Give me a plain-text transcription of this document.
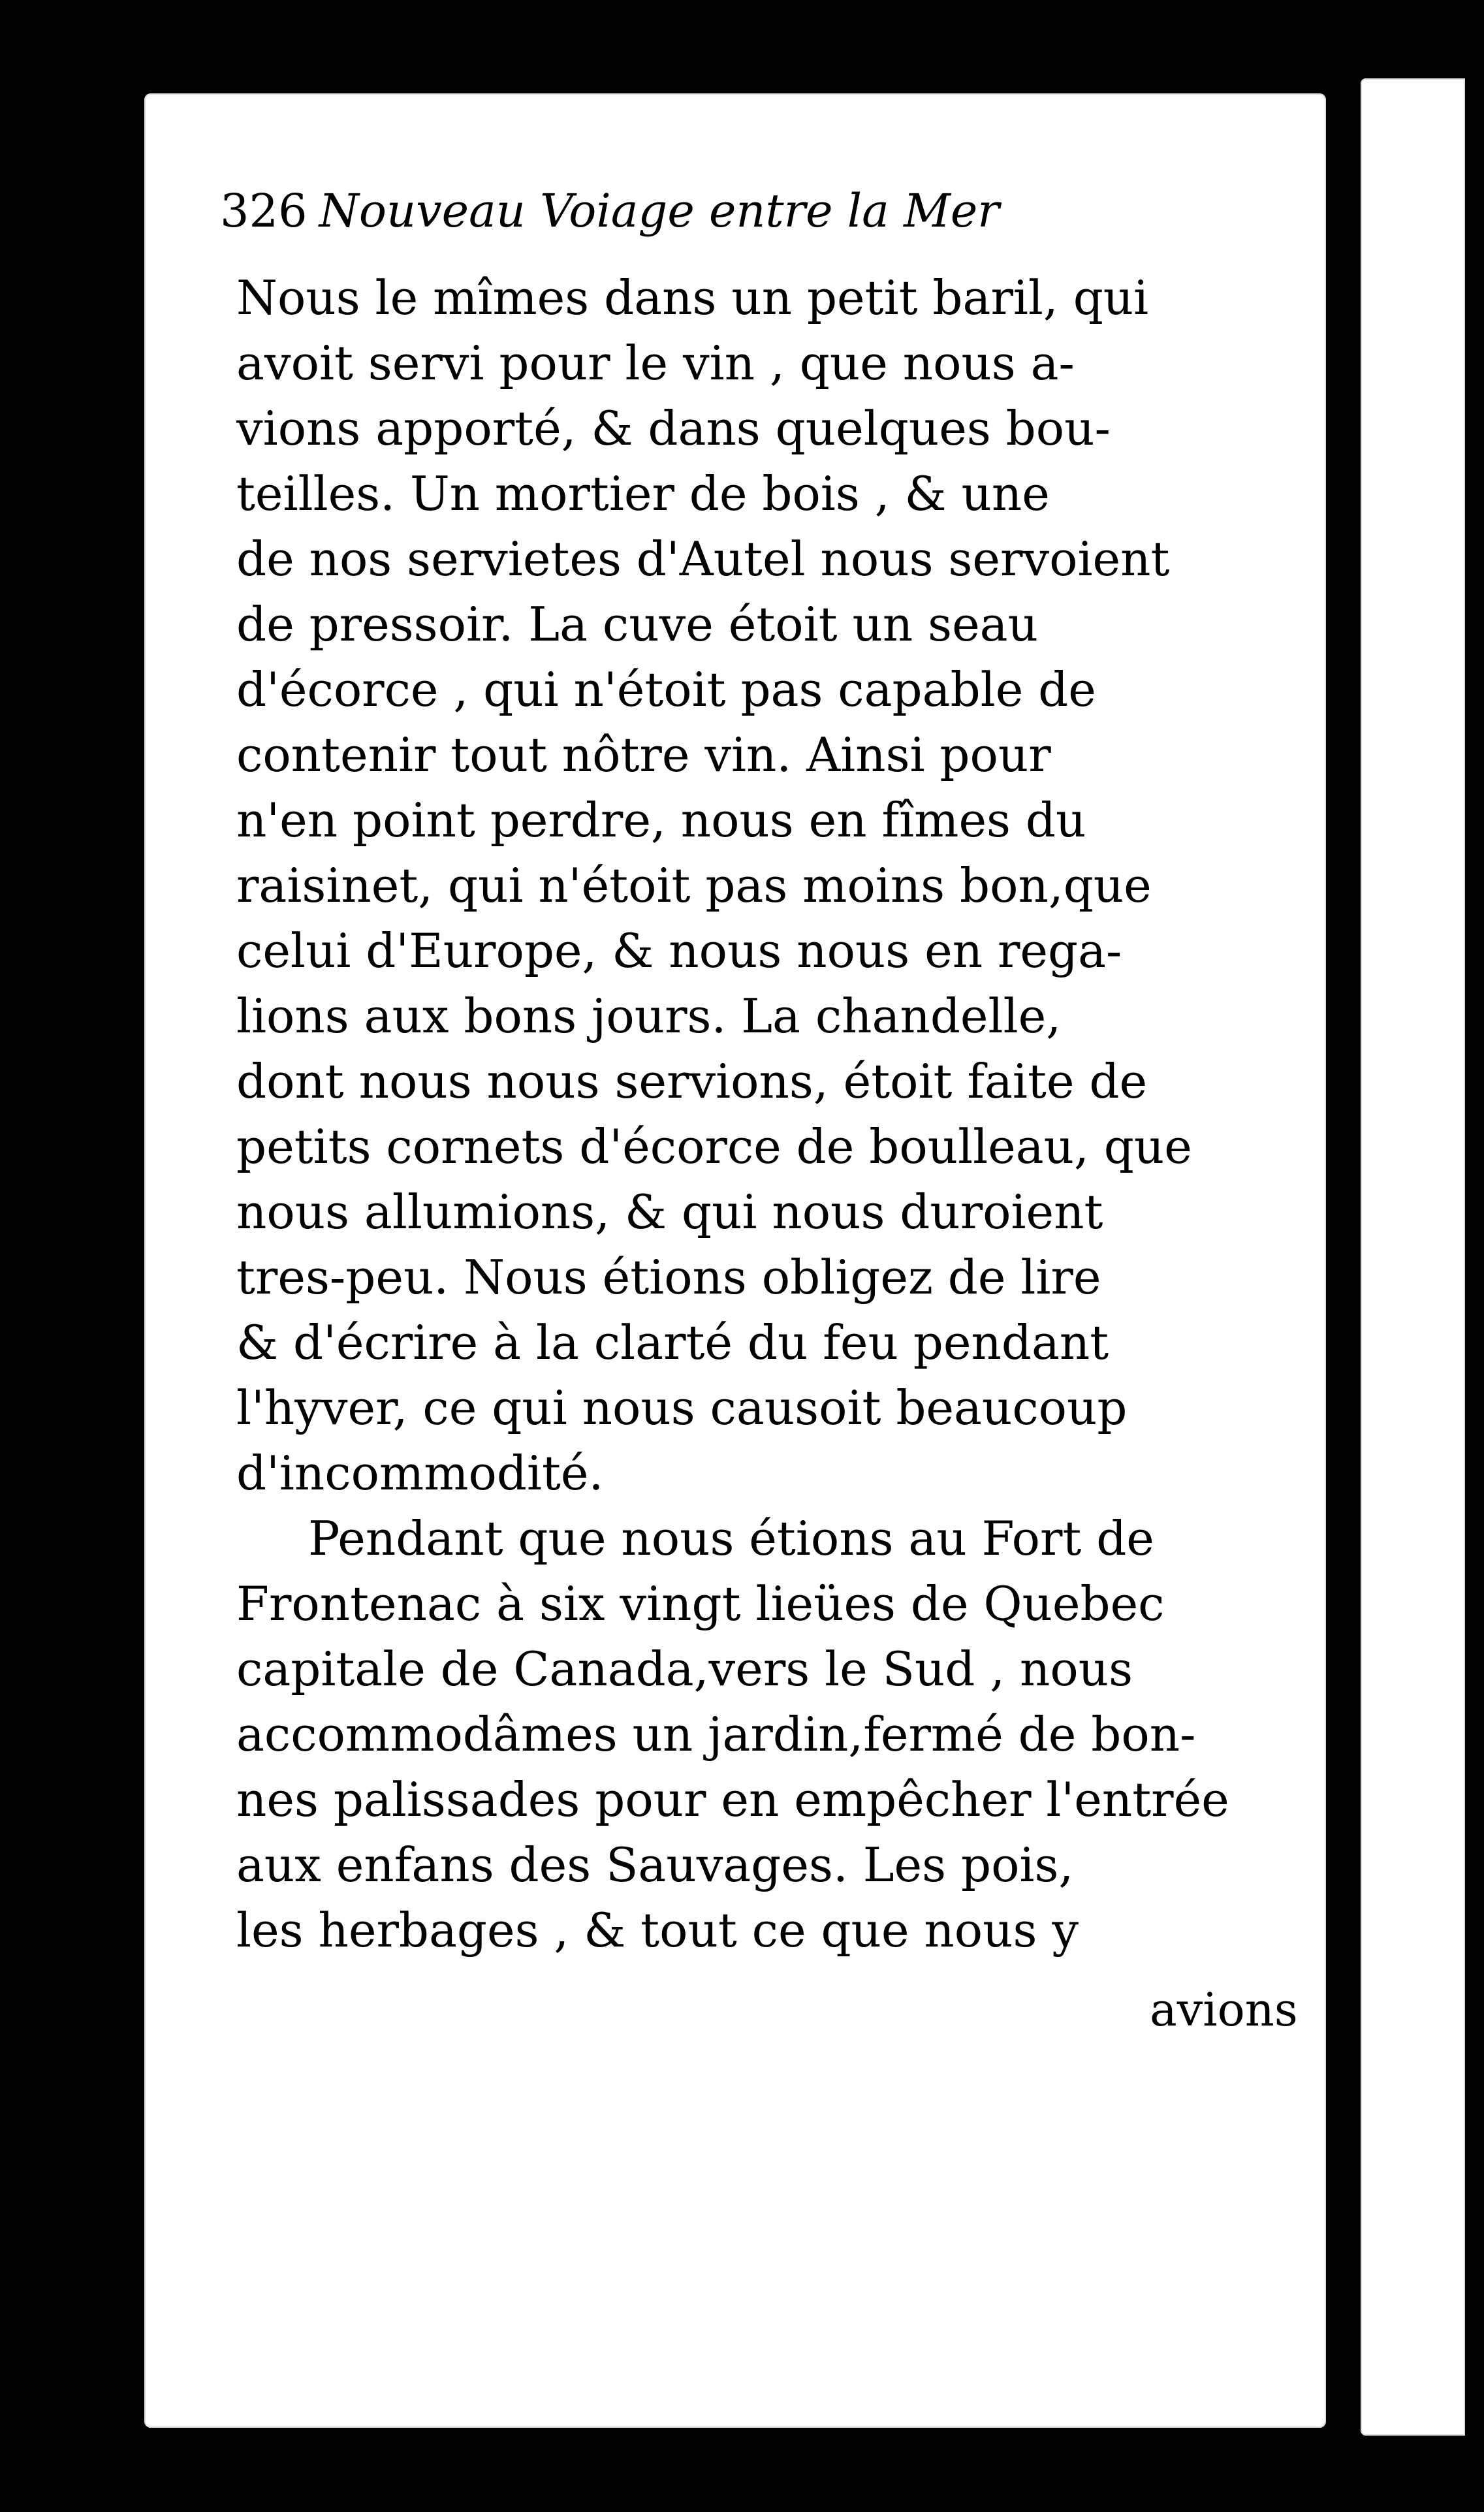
326 Nouveau Voiage entre la Mer
Nous le mîmes dans un petit baril, qui
avoit servi pour le vin , que nous a-
vions apporté, & dans quelques bou-
teilles. Un mortier de bois , & une
de nos servietes d'Autel nous servoient
de pressoir. La cuve étoit un seau
d'écorce , qui n'étoit pas capable de
contenir tout nôtre vin. Ainsi pour
n'en point perdre, nous en fîmes du
raisinet, qui n'étoit pas moins bon,que
celui d'Europe, & nous nous en rega-
lions aux bons jours. La chandelle,
dont nous nous servions, étoit faite de
petits cornets d'écorce de boulleau, que
nous allumions, & qui nous duroient
tres-peu. Nous étions obligez de lire
& d'écrire à la clarté du feu pendant
l'hyver, ce qui nous causoit beaucoup
d'incommodité.
Pendant que nous étions au Fort de
Frontenac à six vingt lieües de Quebec
capitale de Canada,vers le Sud , nous
accommodâmes un jardin,fermé de bon-
nes palissades pour en empêcher l'entrée
aux enfans des Sauvages. Les pois,
les herbages , & tout ce que nous y
avions
